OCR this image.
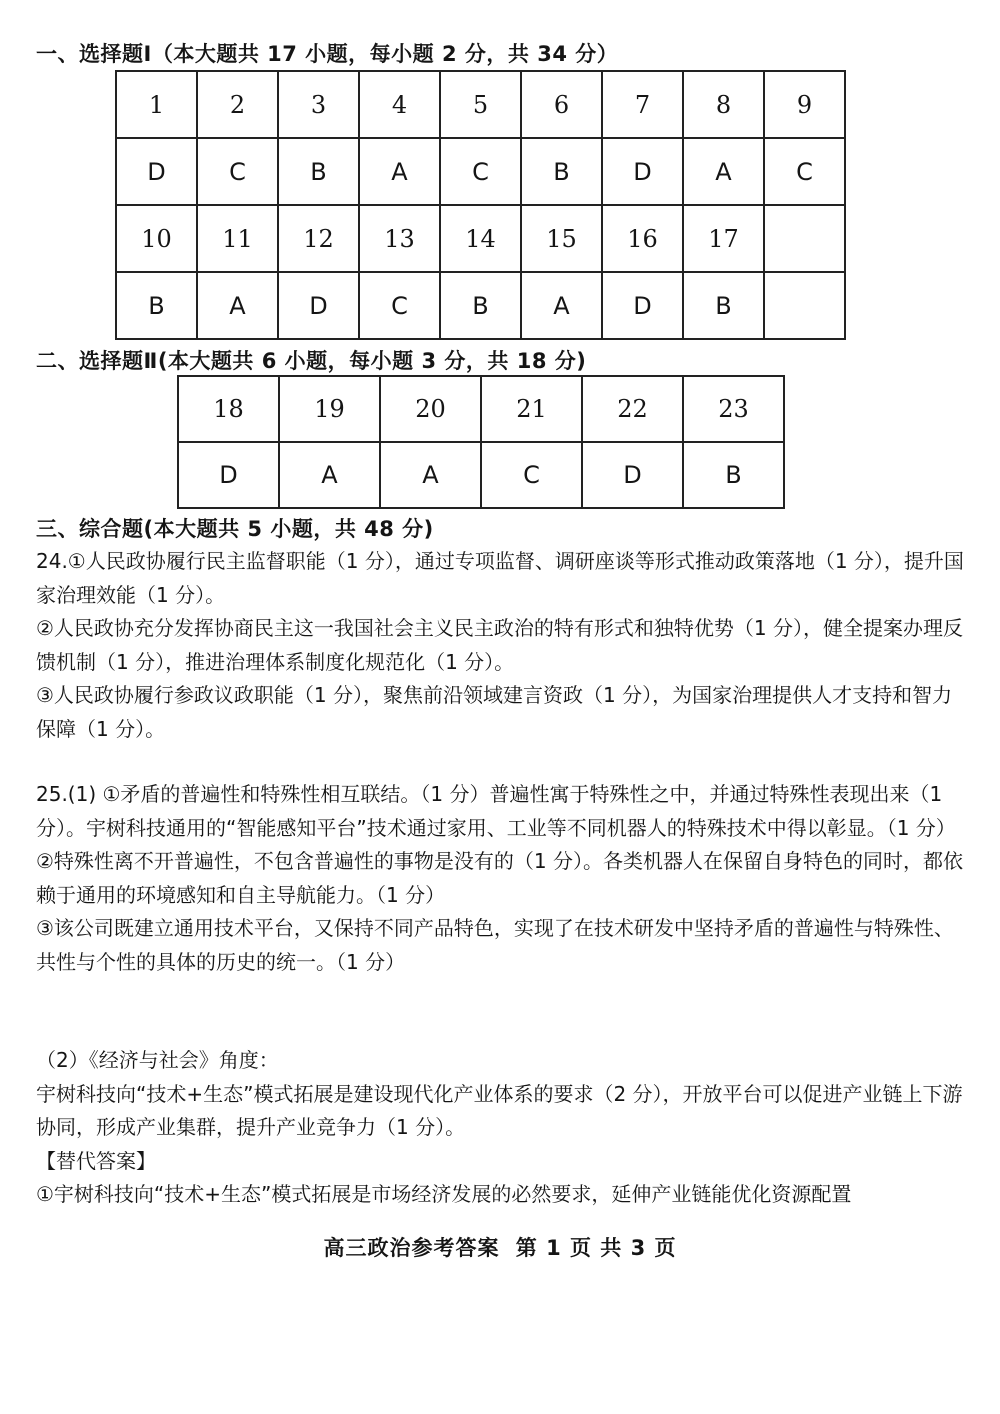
一、选择题Ⅰ（本大题共 17 小题，每小题 2 分，共 34 分）
1	2	3	4	5	6	7	8	9
D	C	B	A	C	B	D	A	C
10	11	12	13	14	15	16	17	
B	A	D	C	B	A	D	B	
二、选择题Ⅱ(本大题共 6 小题，每小题 3 分，共 18 分)
18	19	20	21	22	23
D	A	A	C	D	B
三、综合题(本大题共 5 小题，共 48 分)

24.①人民政协履行民主监督职能（1 分），通过专项监督、调研座谈等形式推动政策落地（1 分），提升国家治理效能（1 分）。

②人民政协充分发挥协商民主这一我国社会主义民主政治的特有形式和独特优势（1 分），健全提案办理反馈机制（1 分），推进治理体系制度化规范化（1 分）。

③人民政协履行参政议政职能（1 分），聚焦前沿领域建言资政（1 分），为国家治理提供人才支持和智力保障（1 分）。

25.(1) ①矛盾的普遍性和特殊性相互联结。（1 分）普遍性寓于特殊性之中，并通过特殊性表现出来（1 分）。宇树科技通用的“智能感知平台”技术通过家用、工业等不同机器人的特殊技术中得以彰显。（1 分）

②特殊性离不开普遍性，不包含普遍性的事物是没有的（1 分）。各类机器人在保留自身特色的同时，都依赖于通用的环境感知和自主导航能力。（1 分）

③该公司既建立通用技术平台，又保持不同产品特色，实现了在技术研发中坚持矛盾的普遍性与特殊性、共性与个性的具体的历史的统一。（1 分）

（2）《经济与社会》角度：

宇树科技向“技术+生态”模式拓展是建设现代化产业体系的要求（2 分），开放平台可以促进产业链上下游协同，形成产业集群，提升产业竞争力（1 分）。

【替代答案】

①宇树科技向“技术+生态”模式拓展是市场经济发展的必然要求，延伸产业链能优化资源配置

高三政治参考答案 第 1 页 共 3 页
